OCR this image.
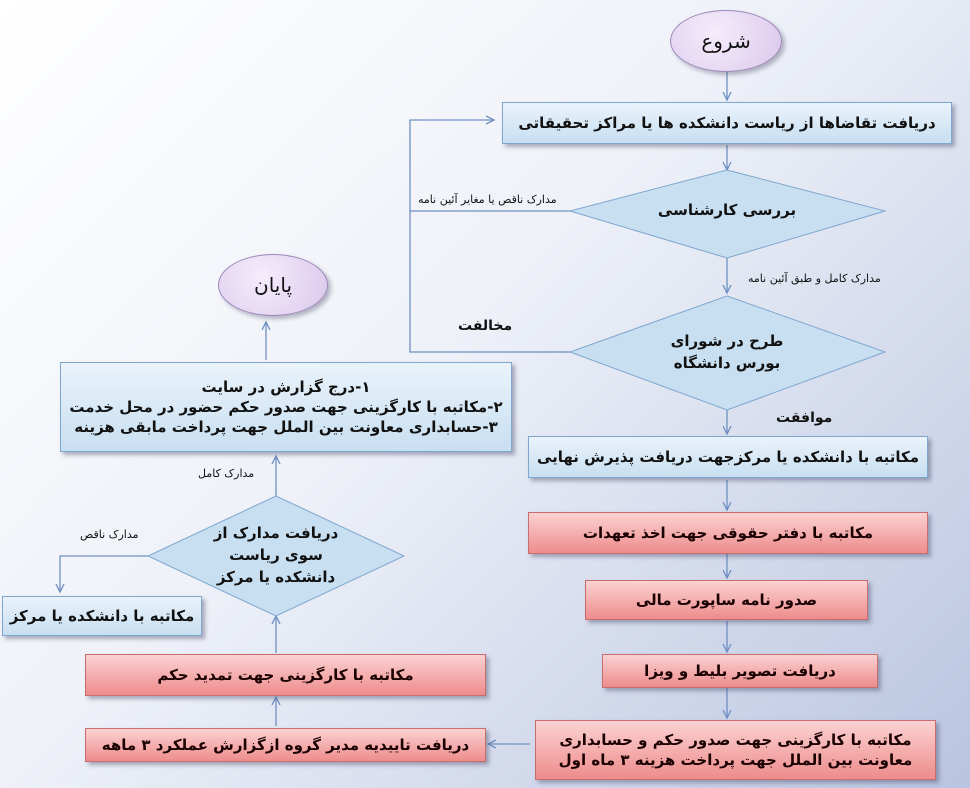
شروع
دریافت تقاضاها از ریاست دانشکده ها یا مراکز تحقیقاتی
بررسی کارشناسی
طرح در شورای
بورس دانشگاه
مکاتبه با دانشکده یا مرکزجهت دریافت پذیرش نهایی
مکاتبه با دفتر حقوقی جهت اخذ تعهدات
صدور نامه ساپورت مالی
دریافت تصویر بلیط و ویزا
مکاتبه با کارگزینی جهت صدور حکم و حسابداری
معاونت بین الملل جهت پرداخت هزینه ۳ ماه اول
دریافت تاییدیه مدیر گروه ازگزارش عملکرد ۳ ماهه
مکاتبه با کارگزینی جهت تمدید حکم
دریافت مدارک از
سوی ریاست
دانشکده یا مرکز
مکاتبه با دانشکده یا مرکز
۱-درج گزارش در سایت
۲-مکاتبه با کارگزینی جهت صدور حکم حضور در محل خدمت
۳-حسابداری معاونت بین الملل جهت پرداخت مابقی هزینه
پایان
مدارک ناقص یا مغایر آئین نامه
مدارک کامل و طبق آئین نامه
مخالفت
موافقت
مدارک کامل
مدارک ناقص
